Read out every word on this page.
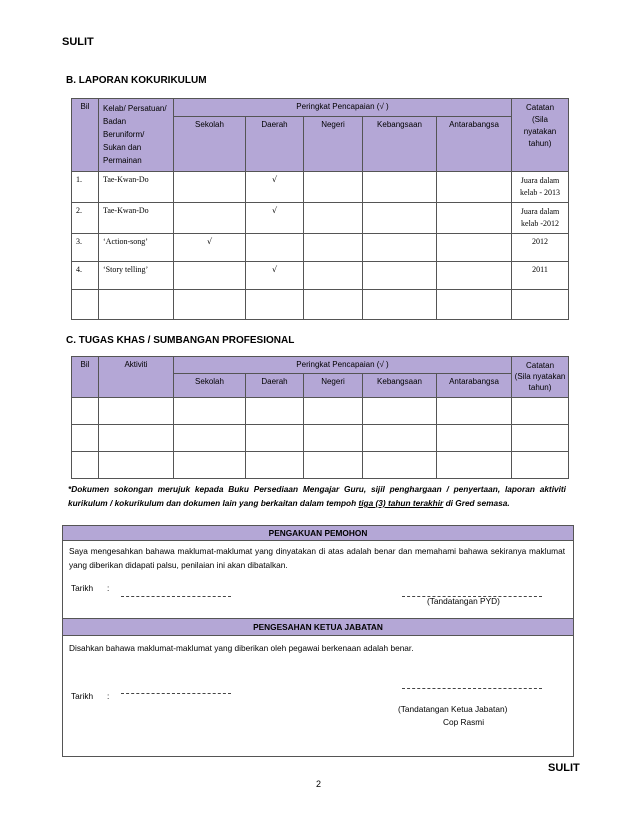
SULIT
B. LAPORAN KOKURIKULUM
Bil	Kelab/ Persatuan/ Badan Beruniform/ Sukan dan Permainan	Peringkat Pencapaian (√ )					Catatan
(Sila nyatakan tahun)

		Sekolah	Daerah	Negeri	Kebangsaan	Antarabangsa	
1.	Tae-Kwan-Do		√				Juara dalam
kelab - 2013

2.	Tae-Kwan-Do		√				Juara dalam
kelab -2012

3.	‘Action-song’	√					2012
4.	‘Story telling’		√				2011

C. TUGAS KHAS / SUMBANGAN PROFESIONAL
Bil	Aktiviti	Peringkat Pencapaian (√ )					Catatan
(Sila nyatakan tahun)

		Sekolah	Daerah	Negeri	Kebangsaan	Antarabangsa	

*Dokumen sokongan merujuk kepada Buku Persediaan Mengajar Guru, sijil penghargaan / penyertaan, laporan aktiviti kurikulum / kokurikulum dan dokumen lain yang berkaitan dalam tempoh tiga (3) tahun terakhir di Gred semasa.
PENGAKUAN PEMOHON
Saya mengesahkan bahawa maklumat-maklumat yang dinyatakan di atas adalah benar dan memahami bahawa sekiranya maklumat yang diberikan didapati palsu, penilaian ini akan dibatalkan.
Tarikh :
(Tandatangan PYD)
PENGESAHAN KETUA JABATAN
Disahkan bahawa maklumat-maklumat yang diberikan oleh pegawai berkenaan adalah benar.
Tarikh :
(Tandatangan Ketua Jabatan)
Cop Rasmi
SULIT
2
